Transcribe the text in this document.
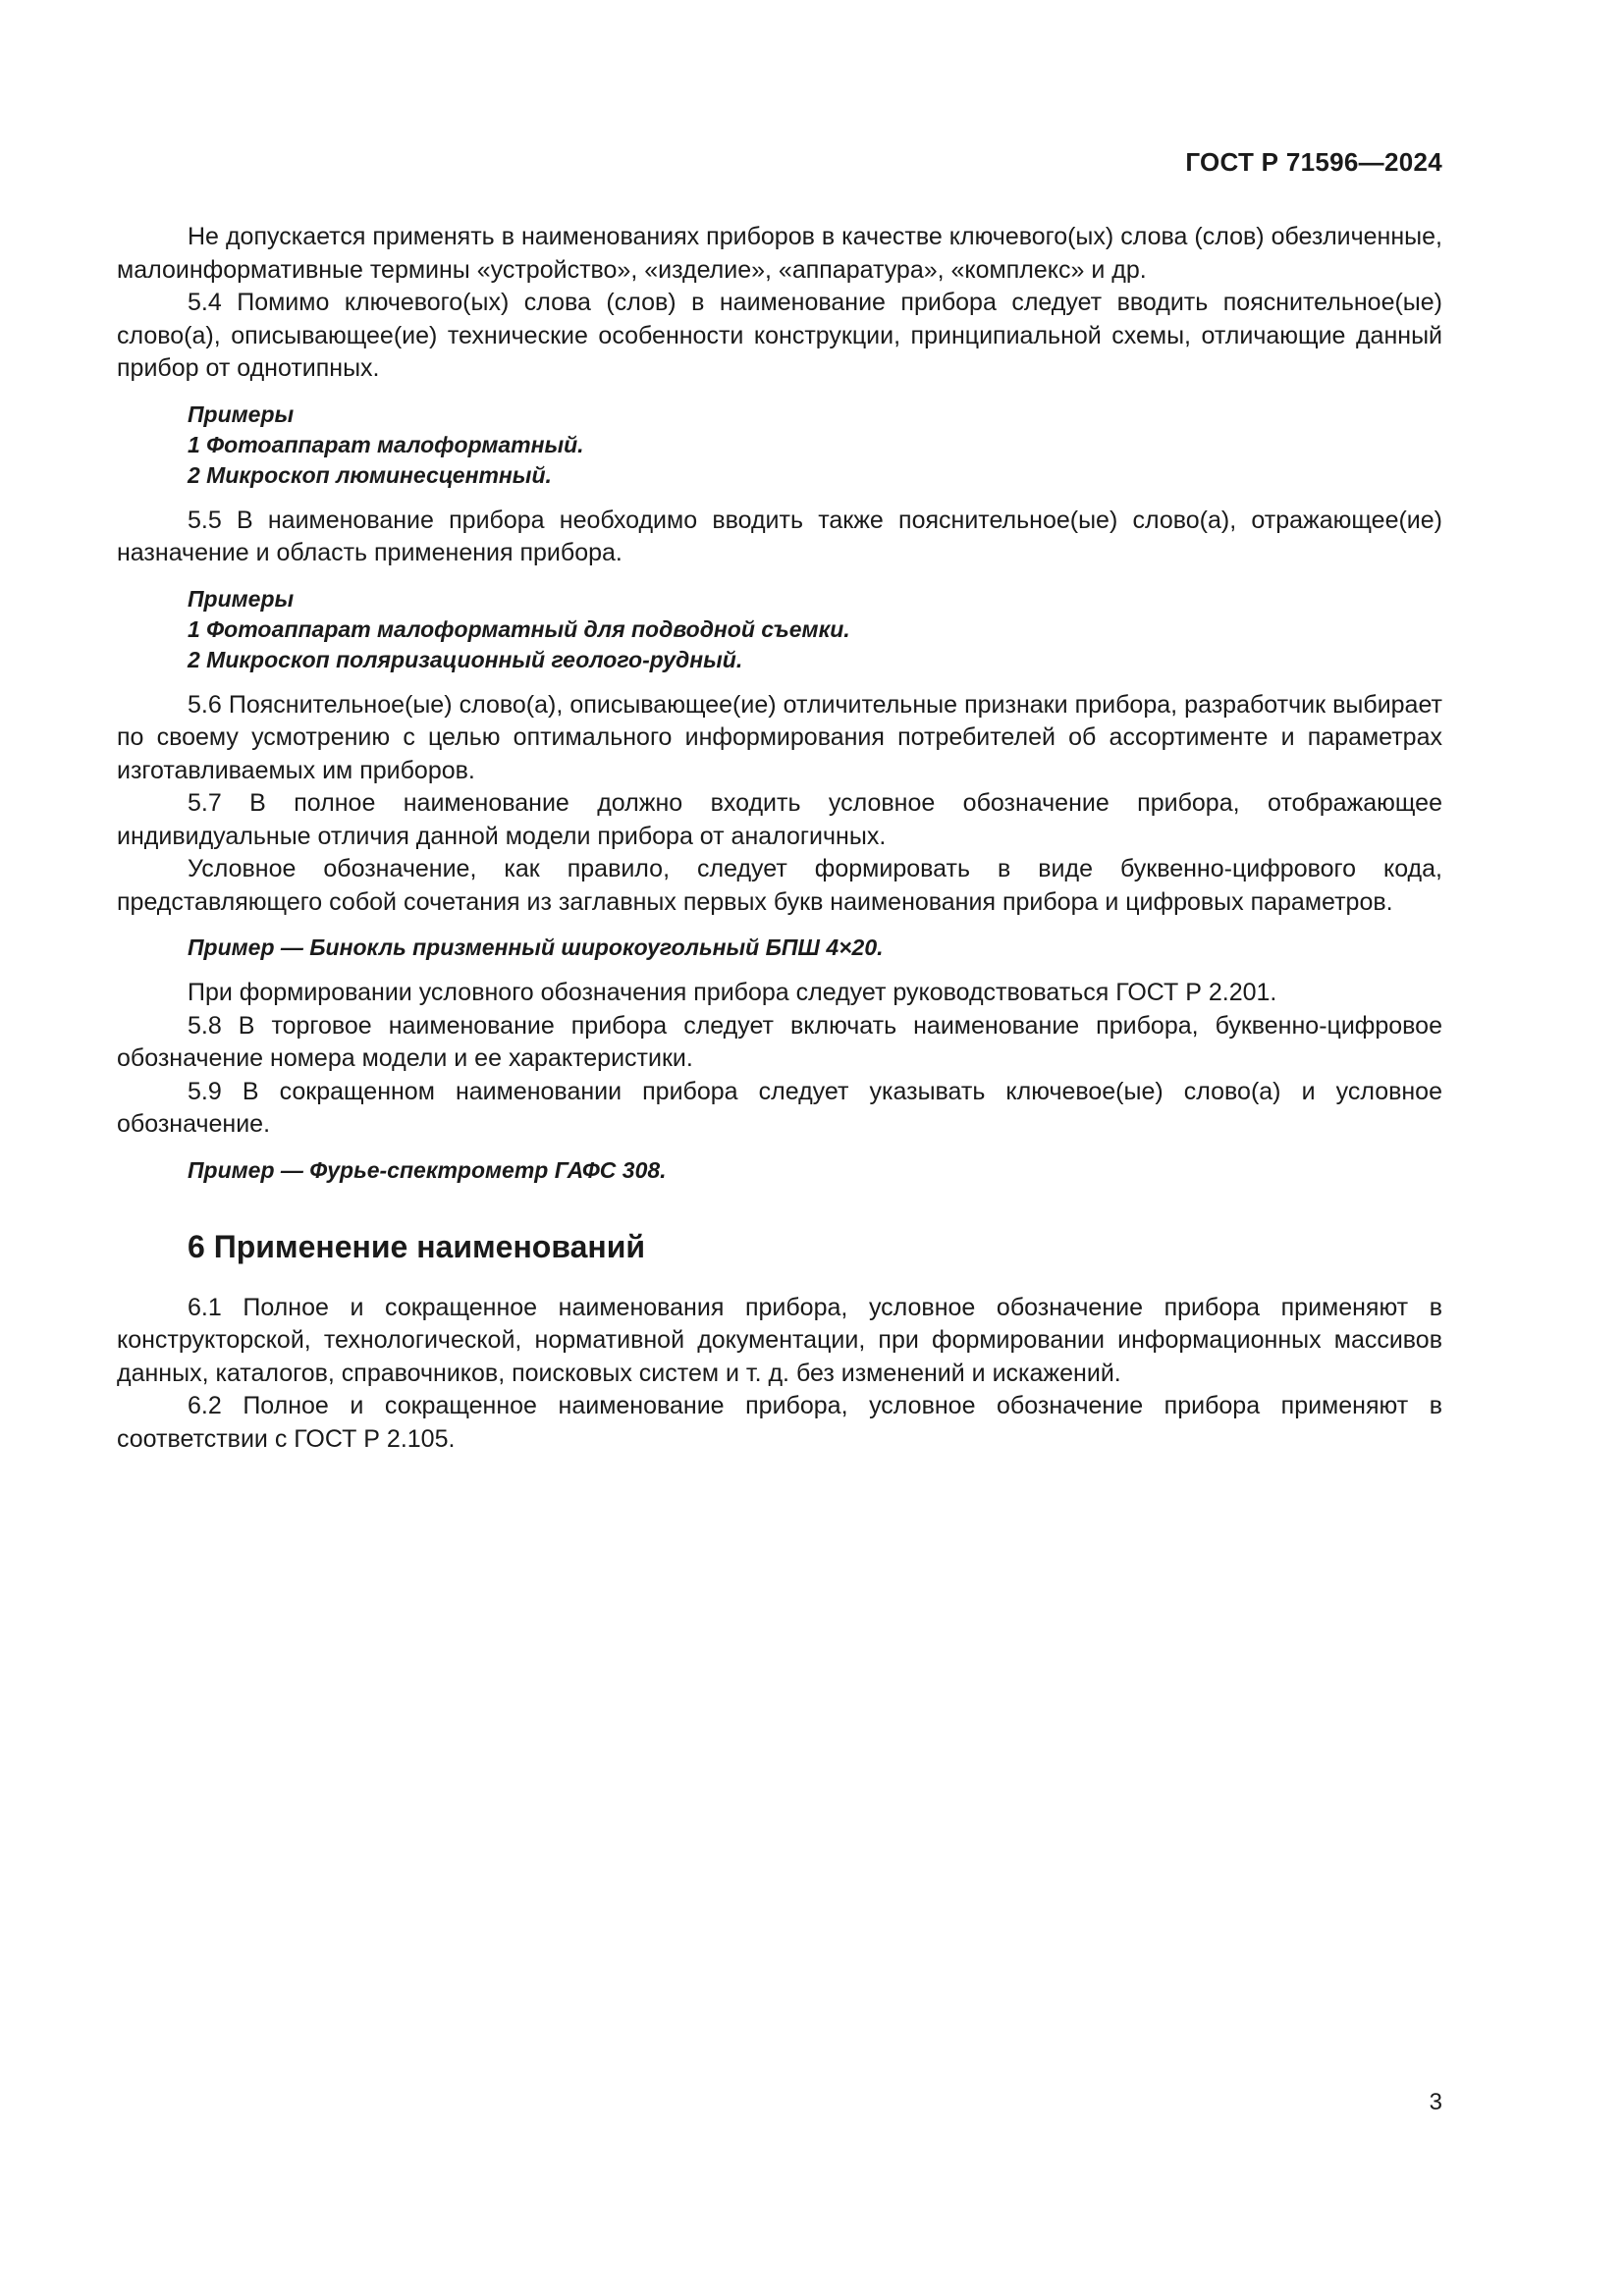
ГОСТ Р 71596—2024

Не допускается применять в наименованиях приборов в качестве ключевого(ых) слова (слов) обезличенные, малоинформативные термины «устройство», «изделие», «аппаратура», «комплекс» и др.

5.4 Помимо ключевого(ых) слова (слов) в наименование прибора следует вводить пояснительное(ые) слово(а), описывающее(ие) технические особенности конструкции, принципиальной схемы, отличающие данный прибор от однотипных.

Примеры
1 Фотоаппарат малоформатный.
2 Микроскоп люминесцентный.

5.5 В наименование прибора необходимо вводить также пояснительное(ые) слово(а), отражающее(ие) назначение и область применения прибора.

Примеры
1 Фотоаппарат малоформатный для подводной съемки.
2 Микроскоп поляризационный геолого-рудный.

5.6 Пояснительное(ые) слово(а), описывающее(ие) отличительные признаки прибора, разработчик выбирает по своему усмотрению с целью оптимального информирования потребителей об ассортименте и параметрах изготавливаемых им приборов.

5.7 В полное наименование должно входить условное обозначение прибора, отображающее индивидуальные отличия данной модели прибора от аналогичных.

Условное обозначение, как правило, следует формировать в виде буквенно-цифрового кода, представляющего собой сочетания из заглавных первых букв наименования прибора и цифровых параметров.

Пример — Бинокль призменный широкоугольный БПШ 4×20.

При формировании условного обозначения прибора следует руководствоваться ГОСТ Р 2.201.

5.8 В торговое наименование прибора следует включать наименование прибора, буквенно-цифровое обозначение номера модели и ее характеристики.

5.9 В сокращенном наименовании прибора следует указывать ключевое(ые) слово(а) и условное обозначение.

Пример — Фурье-спектрометр ГАФС 308.
6 Применение наименований

6.1 Полное и сокращенное наименования прибора, условное обозначение прибора применяют в конструкторской, технологической, нормативной документации, при формировании информационных массивов данных, каталогов, справочников, поисковых систем и т. д. без изменений и искажений.

6.2 Полное и сокращенное наименование прибора, условное обозначение прибора применяют в соответствии с ГОСТ Р 2.105.

3
